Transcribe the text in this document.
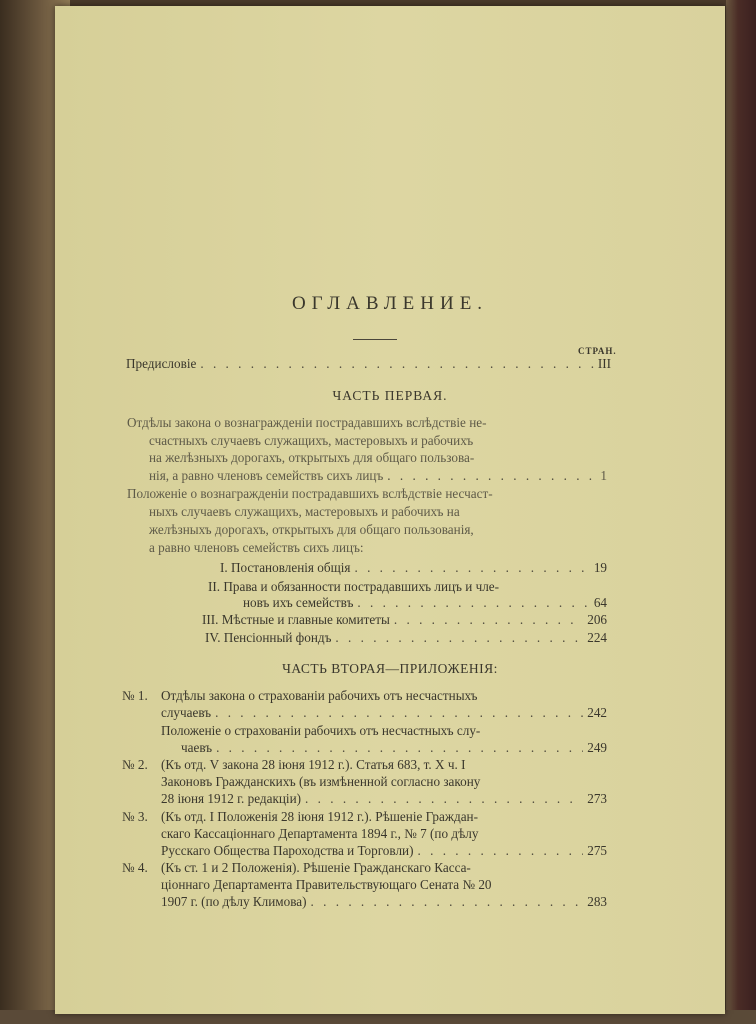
ОГЛАВЛЕНИЕ.
СТРАН.
Предисловіе . . .	III
ЧАСТЬ ПЕРВАЯ.
Отдѣлы закона о вознагражденіи пострадавшихъ вслѣдствіе не-
счастныхъ случаевъ служащихъ, мастеровыхъ и рабочихъ
на желѣзныхъ дорогахъ, открытыхъ для общаго пользова-
нія, а равно членовъ семействъ сихъ лицъ . . .	1
Положеніе о вознагражденіи пострадавшихъ вслѣдствіе несчаст-
ныхъ случаевъ служащихъ, мастеровыхъ и рабочихъ на
желѣзныхъ дорогахъ, открытыхъ для общаго пользованія,
а равно членовъ семействъ сихъ лицъ:
I. Постановленія общія . . .	19
II. Права и обязанности пострадавшихъ лицъ и чле-
новъ ихъ семействъ . . .	64
III. Мѣстные и главные комитеты . . .	206
IV. Пенсіонный фондъ . . .	224
ЧАСТЬ ВТОРАЯ—ПРИЛОЖЕНІЯ:
№ 1. Отдѣлы закона о страхованіи рабочихъ отъ несчастныхъ
случаевъ . . .	242
Положеніе о страхованіи рабочихъ отъ несчастныхъ слу-
чаевъ . . .	249
№ 2. (Къ отд. V закона 28 іюня 1912 г.). Статья 683, т. X ч. I
Законовъ Гражданскихъ (въ измѣненной согласно закону
28 іюня 1912 г. редакціи) . . .	273
№ 3. (Къ отд. I Положенія 28 іюня 1912 г.). Рѣшеніе Граждан-
скаго Кассаціоннаго Департамента 1894 г., № 7 (по дѣлу
Русскаго Общества Пароходства и Торговли) . . .	275
№ 4. (Къ ст. 1 и 2 Положенія). Рѣшеніе Гражданскаго Касса-
ціоннаго Департамента Правительствующаго Сената № 20
1907 г. (по дѣлу Климова) . . .	283
